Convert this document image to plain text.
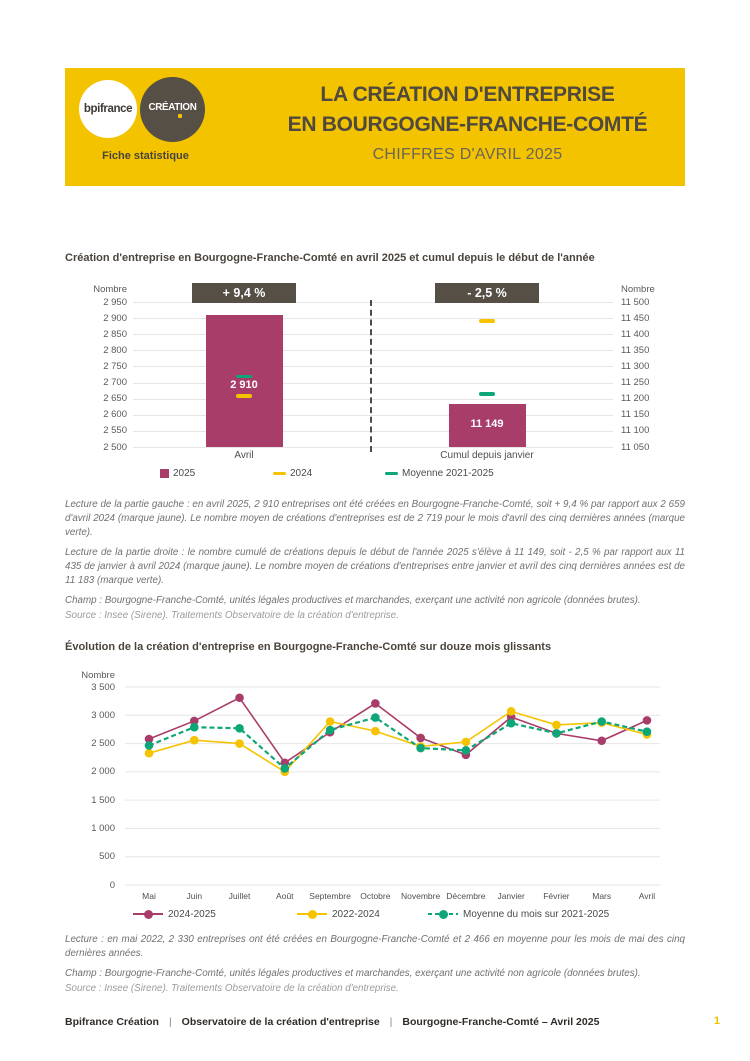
bpifrance CRÉATION
Fiche statistique
LA CRÉATION D'ENTREPRISE
EN BOURGOGNE-FRANCHE-COMTÉ
CHIFFRES D'AVRIL 2025
Création d'entreprise en Bourgogne-Franche-Comté en avril 2025 et cumul depuis le début de l'année
2 950	11 500
2 900	11 450
2 850	11 400
2 800	11 350
2 750	11 300
2 700	11 250
2 650	11 200
2 600	11 150
2 550	11 100
2 500	11 050
Nombre	Nombre
+ 9,4 %
2 910
Avril
- 2,5 %
11 149
Cumul depuis janvier
2025	2024	Moyenne 2021-2025

Lecture de la partie gauche : en avril 2025, 2 910 entreprises ont été créées en Bourgogne-Franche-Comté, soit + 9,4 % par rapport aux 2 659 d'avril 2024 (marque jaune). Le nombre moyen de créations d'entreprises est de 2 719 pour le mois d'avril des cinq dernières années (marque verte).

Lecture de la partie droite : le nombre cumulé de créations depuis le début de l'année 2025 s'élève à 11 149, soit - 2,5 % par rapport aux 11 435 de janvier à avril 2024 (marque jaune). Le nombre moyen de créations d'entreprises entre janvier et avril des cinq dernières années est de 11 183 (marque verte).

Champ : Bourgogne-Franche-Comté, unités légales productives et marchandes, exerçant une activité non agricole (données brutes).

Source : Insee (Sirene). Traitements Observatoire de la création d'entreprise.

Évolution de la création d'entreprise en Bourgogne-Franche-Comté sur douze mois glissants
0
500
1 000
1 500
2 000
2 500
3 000
3 500
Nombre
Mai	Juin	Juillet	Août	Septembre	Octobre	Novembre Décembre	Janvier	Février	Mars	Avril
2024-2025	2022-2024	Moyenne du mois sur 2021-2025

Lecture : en mai 2022, 2 330 entreprises ont été créées en Bourgogne-Franche-Comté et 2 466 en moyenne pour les mois de mai des cinq dernières années.

Champ : Bourgogne-Franche-Comté, unités légales productives et marchandes, exerçant une activité non agricole (données brutes).

Source : Insee (Sirene). Traitements Observatoire de la création d'entreprise.

Bpifrance Création | Observatoire de la création d'entreprise | Bourgogne-Franche-Comté – Avril 2025	1
